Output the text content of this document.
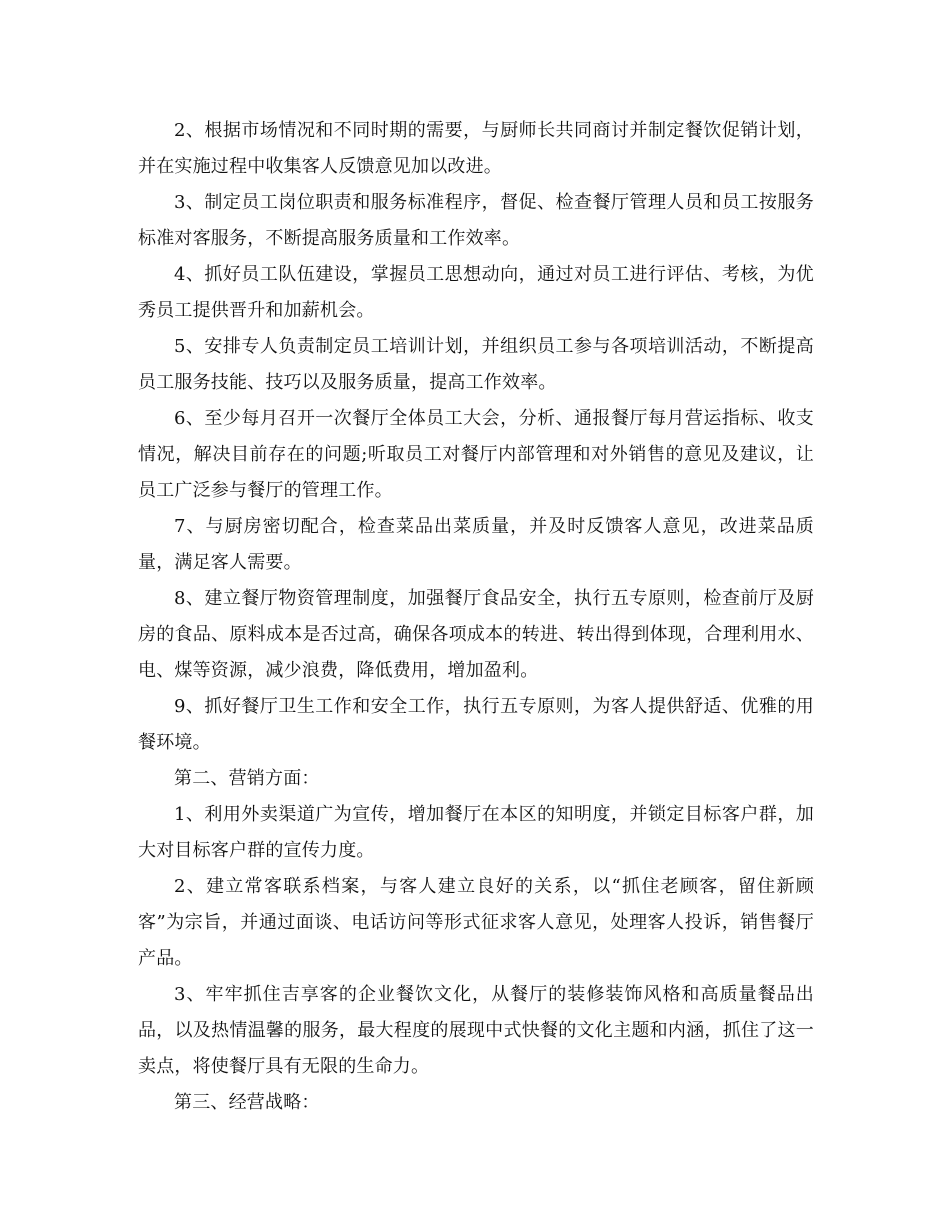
2、根据市场情况和不同时期的需要，与厨师长共同商讨并制定餐饮促销计划，并在实施过程中收集客人反馈意见加以改进。

3、制定员工岗位职责和服务标准程序，督促、检查餐厅管理人员和员工按服务标准对客服务，不断提高服务质量和工作效率。

4、抓好员工队伍建设，掌握员工思想动向，通过对员工进行评估、考核，为优秀员工提供晋升和加薪机会。

5、安排专人负责制定员工培训计划，并组织员工参与各项培训活动，不断提高员工服务技能、技巧以及服务质量，提高工作效率。

6、至少每月召开一次餐厅全体员工大会，分析、通报餐厅每月营运指标、收支情况，解决目前存在的问题;听取员工对餐厅内部管理和对外销售的意见及建议，让员工广泛参与餐厅的管理工作。

7、与厨房密切配合，检查菜品出菜质量，并及时反馈客人意见，改进菜品质量，满足客人需要。

8、建立餐厅物资管理制度，加强餐厅食品安全，执行五专原则，检查前厅及厨房的食品、原料成本是否过高，确保各项成本的转进、转出得到体现，合理利用水、电、煤等资源，减少浪费，降低费用，增加盈利。

9、抓好餐厅卫生工作和安全工作，执行五专原则，为客人提供舒适、优雅的用餐环境。

第二、营销方面：

1、利用外卖渠道广为宣传，增加餐厅在本区的知明度，并锁定目标客户群，加大对目标客户群的宣传力度。

2、建立常客联系档案，与客人建立良好的关系，以“抓住老顾客，留住新顾客”为宗旨，并通过面谈、电话访问等形式征求客人意见，处理客人投诉，销售餐厅产品。

3、牢牢抓住吉享客的企业餐饮文化，从餐厅的装修装饰风格和高质量餐品出品，以及热情温馨的服务，最大程度的展现中式快餐的文化主题和内涵，抓住了这一卖点，将使餐厅具有无限的生命力。

第三、经营战略：
